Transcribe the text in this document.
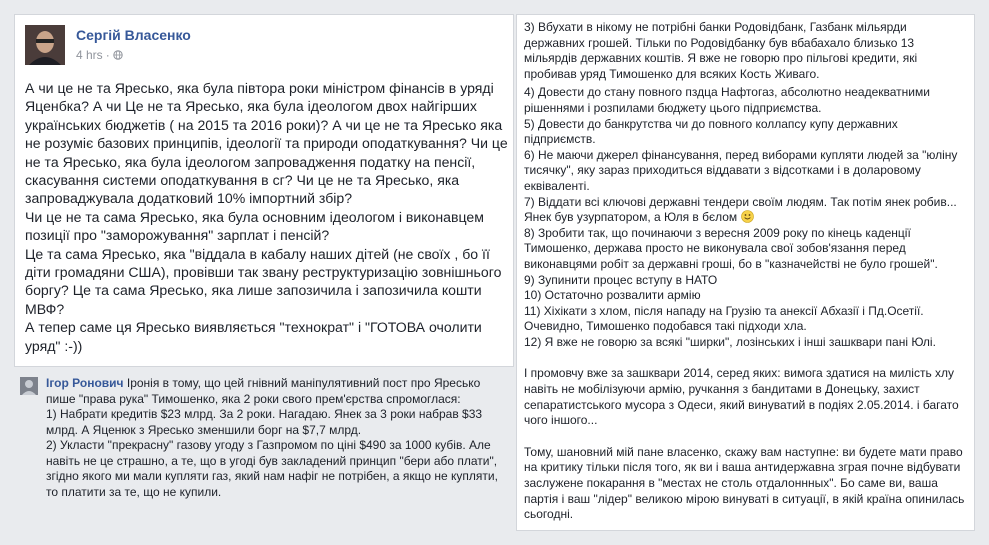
Сергій Власенко
4 hrs ·

А чи це не та Яресько, яка була півтора роки міністром фінансів в уряді Яценбка? А чи Це не та Яресько, яка була ідеологом двох найгірших українських бюджетів ( на 2015 та 2016 роки)? А чи це не та Яресько яка не розуміє базових принципів, ідеології та природи оподаткування? Чи це не та Яресько, яка була ідеологом запровадження податку на пенсії, скасування системи оподаткування в сг? Чи це не та Яресько, яка запроваджувала додатковий 10% імпортний збір?

Чи це не та сама Яресько, яка була основним ідеологом і виконавцем позиції про "заморожування" зарплат і пенсій?

Це та сама Яресько, яка "віддала в кабалу наших дітей (не своїх , бо її діти громадяни США), провівши так звану реструктуризацію зовнішнього боргу? Це та сама Яресько, яка лише запозичила і запозичила кошти МВФ?

А тепер саме ця Яресько виявляється "технократ" і "ГОТОВА очолити уряд" :-))

Ігор Ронович Іронія в тому, що цей гнівний маніпулятивний пост про Яресько пише "права рука" Тимошенко, яка 2 роки свого прем'єрства спромоглася:

1) Набрати кредитів $23 млрд. За 2 роки. Нагадаю. Янек за 3 роки набрав $33 млрд. А Яценюк з Яресько зменшили борг на $7,7 млрд.

2) Укласти "прекрасну" газову угоду з Газпромом по ціні $490 за 1000 кубів. Але навіть не це страшно, а те, що в угоді був закладений принцип "бери або плати", згідно якого ми мали купляти газ, який нам нафіг не потрібен, а якщо не купляти, то платити за те, що не купили.

3) Вбухати в нікому не потрібні банки Родовідбанк, Газбанк мільярди державних грошей. Тільки по Родовідбанку був вбабахало близько 13 мільярдів державних коштів. Я вже не говорю про пільгові кредити, які пробивав уряд Тимошенко для всяких Кость Живаго.

4) Довести до стану повного пздца Нафтогаз, абсолютно неадекватними рішеннями і розпилами бюджету цього підприємства.

5) Довести до банкрутства чи до повного коллапсу купу державних підприємств.

6) Не маючи джерел фінансування, перед виборами купляти людей за "юліну тисячку", яку зараз приходиться віддавати з відсотками і в доларовому еквіваленті.

7) Віддати всі ключові державні тендери своїм людям. Так потім янек робив... Янек був узурпатором, а Юля в бєлом

8) Зробити так, що починаючи з вересня 2009 року по кінець каденції Тимошенко, держава просто не виконувала свої зобов'язання перед виконавцями робіт за державні гроші, бо в "казначействі не було грошей".

9) Зупинити процес вступу в НАТО

10) Остаточно розвалити армію

11) Хіхікати з хлом, після нападу на Грузію та анексії Абхазії і Пд.Осетії. Очевидно, Тимошенко подобався такі підходи хла.

12) Я вже не говорю за всякі "ширки", лозінських і інші зашквари пані Юлі.

І промовчу вже за зашквари 2014, серед яких: вимога здатися на милість хлу навіть не мобілізуючи армію, ручкання з бандитами в Донецьку, захист сепаратистського мусора з Одеси, який винуватий в подіях 2.05.2014. і багато чого іншого...

Тому, шановний мій пане власенко, скажу вам наступне: ви будете мати право на критику тільки після того, як ви і ваша антидержавна зграя почне відбувати заслужене покарання в "местах не столь отдалоннных". Бо саме ви, ваша партія і ваш "лідер" великою мірою винуваті в ситуації, в якій країна опинилась сьогодні.
